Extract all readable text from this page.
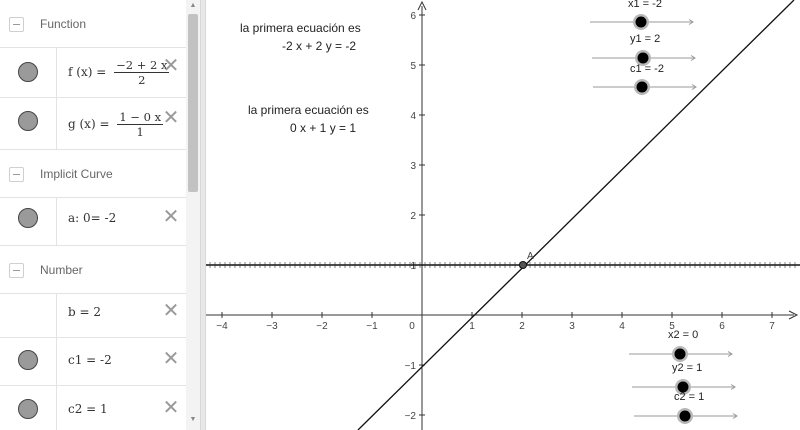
Function
f $(x) = \frac{-2 + 2 x}{2}$
✕
g $(x) = \frac{1 - 0 x}{1}$ ✕
Implicit Curve
a: 0= -2 ✕
Number
b = 2	✕
c1 = -2	✕
c2 = 1	✕
▲
▼
−4	−3	−2	−1	0	1	2	3	4	5	6	7
6
5
4
3
2
1
−1
−2
A
la primera ecuación es
-2 x + 2 y = -2
la primera ecuación es
0 x + 1 y = 1
x1 = -2
y1 = 2
c1 = -2
x2 = 0
y2 = 1
c2 = 1
